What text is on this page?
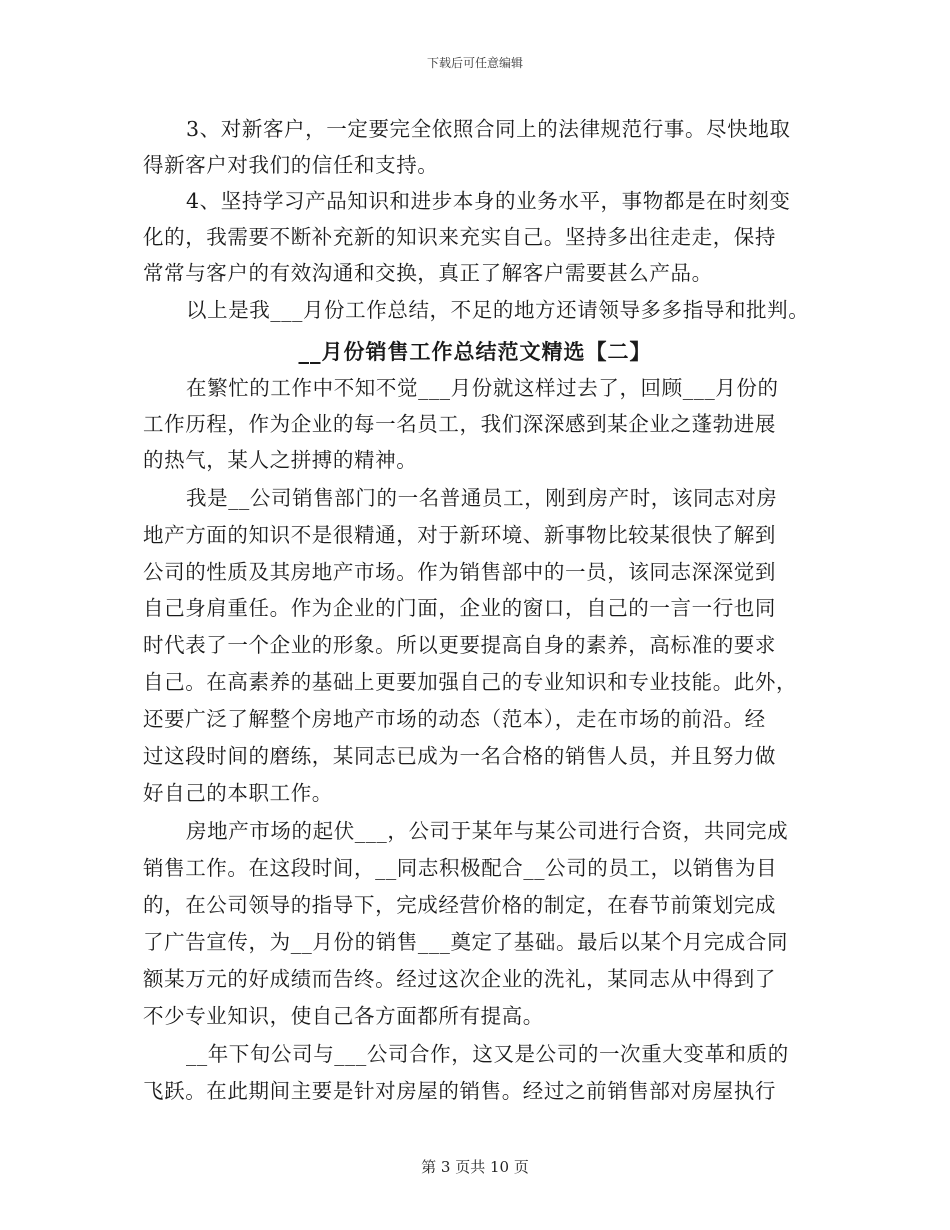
下载后可任意编辑
3、对新客户，一定要完全依照合同上的法律规范行事。尽快地取
得新客户对我们的信任和支持。
4、坚持学习产品知识和进步本身的业务水平，事物都是在时刻变
化的，我需要不断补充新的知识来充实自己。坚持多出往走走，保持
常常与客户的有效沟通和交换，真正了解客户需要甚么产品。
以上是我___月份工作总结，不足的地方还请领导多多指导和批判。
__月份销售工作总结范文精选【二】
在繁忙的工作中不知不觉___月份就这样过去了，回顾___月份的
工作历程，作为企业的每一名员工，我们深深感到某企业之蓬勃进展
的热气，某人之拼搏的精神。
我是__公司销售部门的一名普通员工，刚到房产时，该同志对房
地产方面的知识不是很精通，对于新环境、新事物比较某很快了解到
公司的性质及其房地产市场。作为销售部中的一员，该同志深深觉到
自己身肩重任。作为企业的门面，企业的窗口，自己的一言一行也同
时代表了一个企业的形象。所以更要提高自身的素养，高标准的要求
自己。在高素养的基础上更要加强自己的专业知识和专业技能。此外，
还要广泛了解整个房地产市场的动态（范本），走在市场的前沿。经
过这段时间的磨练，某同志已成为一名合格的销售人员，并且努力做
好自己的本职工作。
房地产市场的起伏___，公司于某年与某公司进行合资，共同完成
销售工作。在这段时间，__同志积极配合__公司的员工，以销售为目
的，在公司领导的指导下，完成经营价格的制定，在春节前策划完成
了广告宣传，为__月份的销售___奠定了基础。最后以某个月完成合同
额某万元的好成绩而告终。经过这次企业的洗礼，某同志从中得到了
不少专业知识，使自己各方面都所有提高。
__年下旬公司与___公司合作，这又是公司的一次重大变革和质的
飞跃。在此期间主要是针对房屋的销售。经过之前销售部对房屋执行
第 3 页共 10 页
